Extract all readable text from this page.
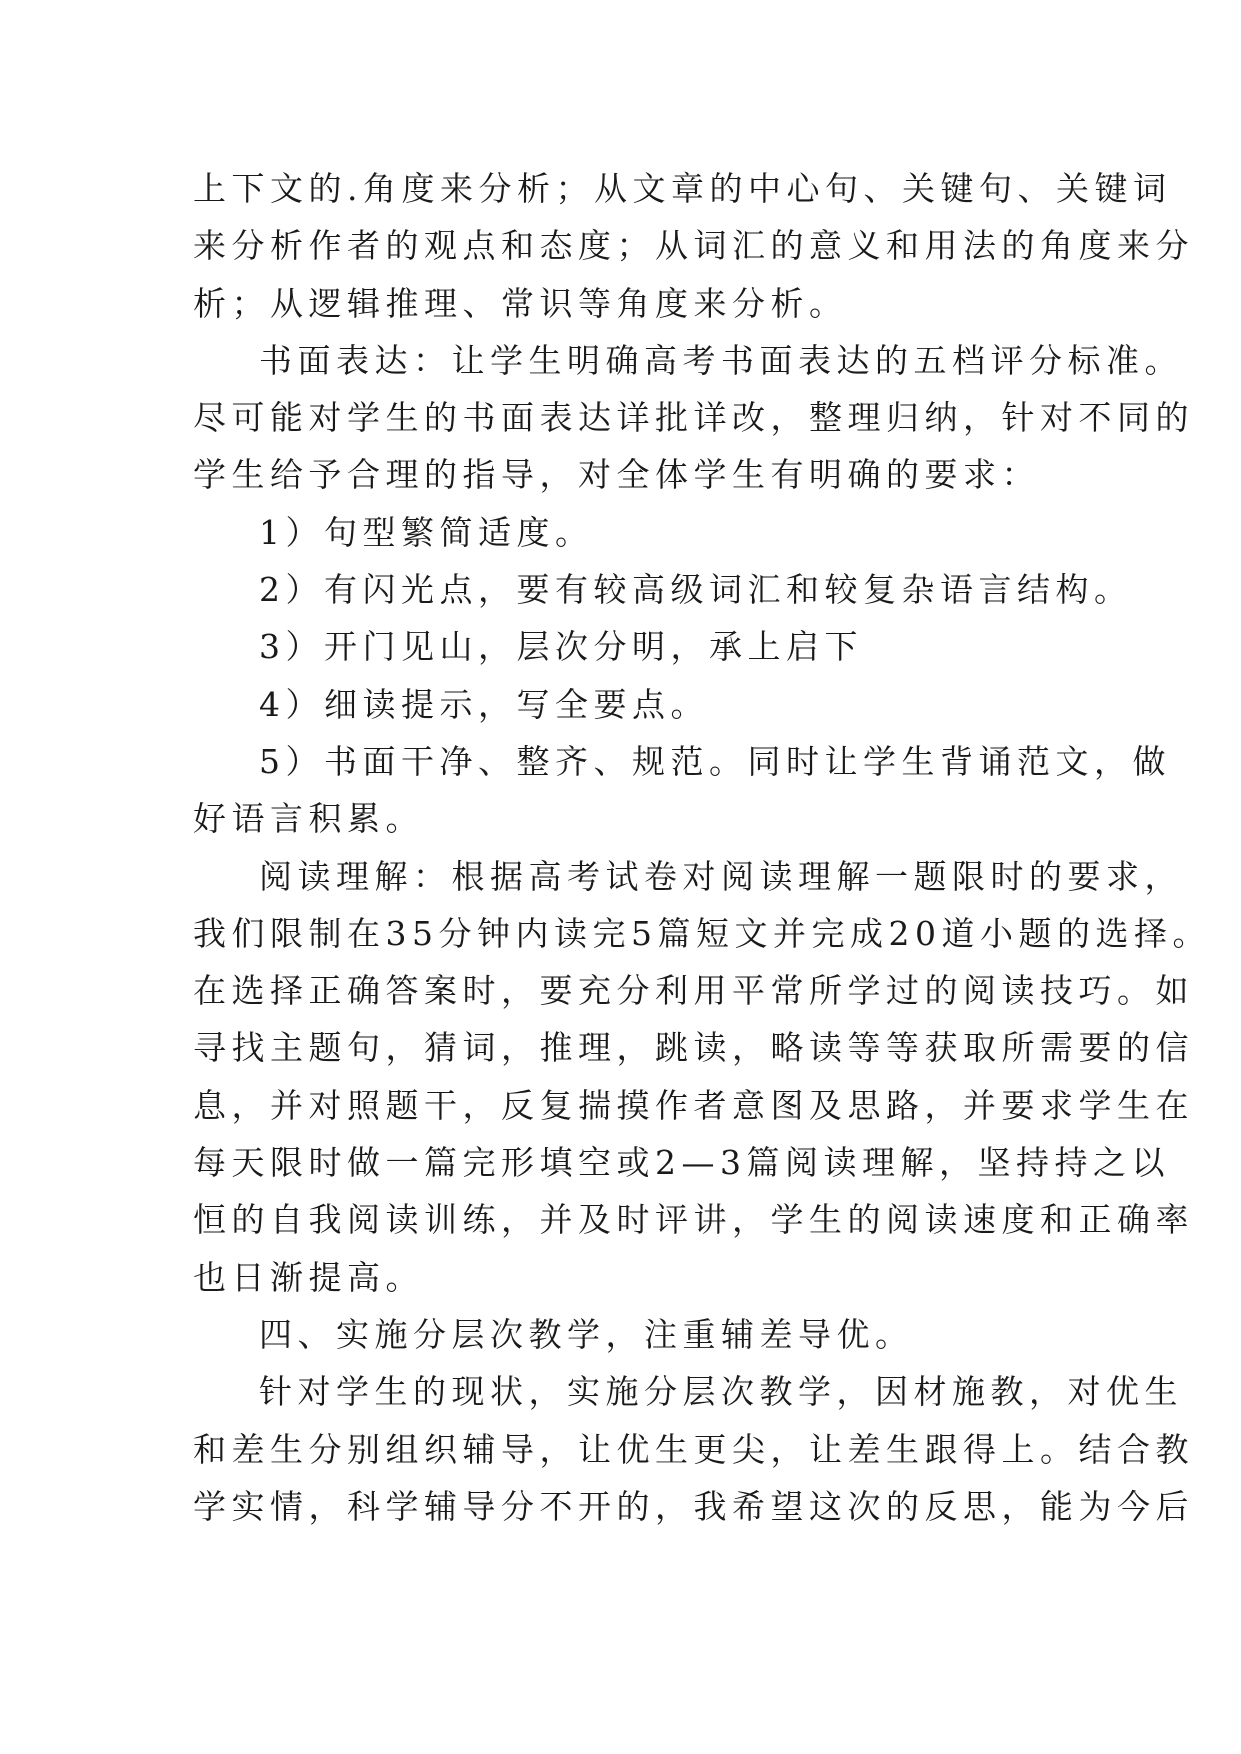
上下文的.角度来分析；从文章的中心句、关键句、关键词
来分析作者的观点和态度；从词汇的意义和用法的角度来分
析；从逻辑推理、常识等角度来分析。
书面表达：让学生明确高考书面表达的五档评分标准。
尽可能对学生的书面表达详批详改，整理归纳，针对不同的
学生给予合理的指导，对全体学生有明确的要求：
1）句型繁简适度。
2）有闪光点，要有较高级词汇和较复杂语言结构。
3）开门见山，层次分明，承上启下
4）细读提示，写全要点。
5）书面干净、整齐、规范。同时让学生背诵范文，做
好语言积累。
阅读理解：根据高考试卷对阅读理解一题限时的要求，
我们限制在35分钟内读完5篇短文并完成20道小题的选择。
在选择正确答案时，要充分利用平常所学过的阅读技巧。如
寻找主题句，猜词，推理，跳读，略读等等获取所需要的信
息，并对照题干，反复揣摸作者意图及思路，并要求学生在
每天限时做一篇完形填空或2—3篇阅读理解，坚持持之以
恒的自我阅读训练，并及时评讲，学生的阅读速度和正确率
也日渐提高。
四、实施分层次教学，注重辅差导优。
针对学生的现状，实施分层次教学，因材施教，对优生
和差生分别组织辅导，让优生更尖，让差生跟得上。结合教
学实情，科学辅导分不开的，我希望这次的反思，能为今后
